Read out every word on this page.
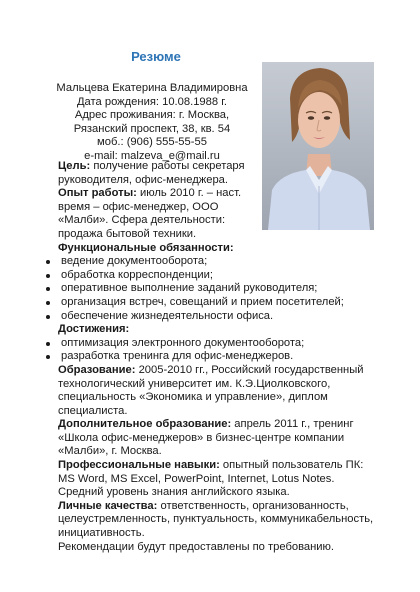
Резюме
Мальцева Екатерина Владимировна
Дата рождения: 10.08.1988 г.
Адрес проживания: г. Москва,
Рязанский проспект, 38, кв. 54
моб.: (906) 555-55-55
e-mail: malzeva_e@mail.ru
Цель: получение работы секретаря руководителя, офис-менеджера.
Опыт работы: июль 2010 г. – наст. время – офис-менеджер, ООО «Малби». Сфера деятельности: продажа бытовой техники.
Функциональные обязанности:
ведение документооборота;
обработка корреспонденции;
оперативное выполнение заданий руководителя;
организация встреч, совещаний и прием посетителей;
обеспечение жизнедеятельности офиса.
Достижения:
оптимизация электронного документооборота;
разработка тренинга для офис-менеджеров.
Образование: 2005-2010 гг., Российский государственный технологический университет им. К.Э.Циолковского, специальность «Экономика и управление», диплом специалиста.
Дополнительное образование: апрель 2011 г., тренинг «Школа офис-менеджеров» в бизнес-центре компании «Малби», г. Москва.
Профессиональные навыки: опытный пользователь ПК: MS Word, MS Excel, PowerPoint, Internet, Lotus Notes. Средний уровень знания английского языка.
Личные качества: ответственность, организованность, целеустремленность, пунктуальность, коммуникабельность, инициативность.
Рекомендации будут предоставлены по требованию.
